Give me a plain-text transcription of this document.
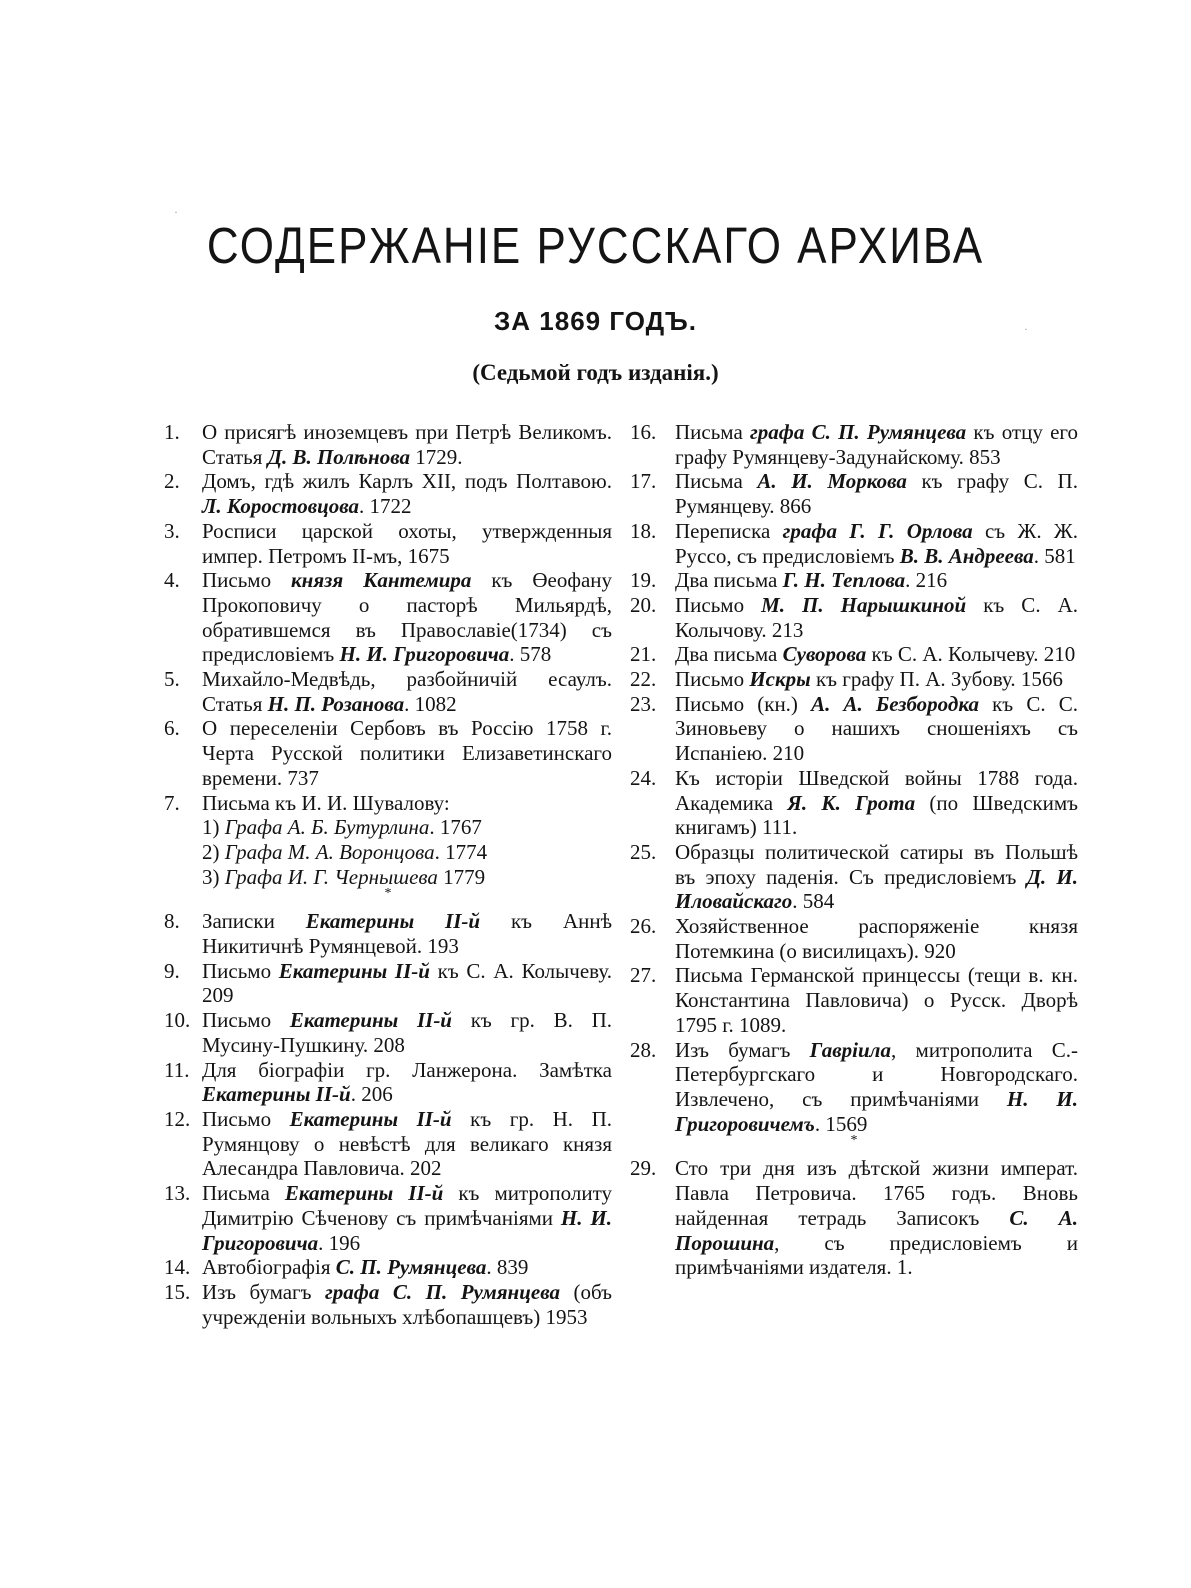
СОДЕРЖАНІЕ РУССКАГО АРХИВА
ЗА 1869 ГОДЪ.
(Седьмой годъ изданія.)
1.	О присягѣ иноземцевъ при Петрѣ Великомъ. Статья Д. В. Полѣнова 1729.
2.	Домъ, гдѣ жилъ Карлъ XII, подъ Полтавою. Л. Коростовцова. 1722
3.	Росписи царской охоты, утвержденныя импер. Петромъ II-мъ, 1675
4.	Письмо князя Кантемира къ Өеофану Прокоповичу о пасторѣ Мильярдѣ, обратившемся въ Православіе(1734) съ предисловіемъ Н. И. Григоровича. 578
5.	Михайло-Медвѣдь, разбойничій есаулъ. Статья Н. П. Розанова. 1082
6.	О переселеніи Сербовъ въ Россію 1758 г. Черта Русской политики Елизаветинскаго времени. 737
7.	Письма къ И. И. Шувалову:
1) Графа А. Б. Бутурлина. 1767
2) Графа М. А. Воронцова. 1774
3) Графа И. Г. Чернышева 1779
*
8.	Записки Екатерины II-й къ Аннѣ Никитичнѣ Румянцевой. 193
9.	Письмо Екатерины II-й къ С. А. Колычеву. 209
10. Письмо Екатерины II-й къ гр. В. П. Мусину-Пушкину. 208
11. Для біографіи гр. Ланжерона. Замѣтка Екатерины II-й. 206
12. Письмо Екатерины II-й къ гр. Н. П. Румянцову о невѣстѣ для великаго князя Алесандра Павловича. 202
13. Письма Екатерины II-й къ митрополиту Димитрію Сѣченову съ примѣчаніями Н. И. Григоровича. 196
14. Автобіографія С. П. Румянцева. 839
15. Изъ бумагъ графа С. П. Румянцева (объ учрежденіи вольныхъ хлѣбопашцевъ) 1953
16. Письма графа С. П. Румянцева къ отцу его графу Румянцеву-Задунайскому. 853
17. Письма А. И. Моркова къ графу С. П. Румянцеву. 866
18. Переписка графа Г. Г. Орлова съ Ж. Ж. Руссо, съ предисловіемъ В. В. Андреева. 581
19. Два письма Г. Н. Теплова. 216
20. Письмо М. П. Нарышкиной къ С. А. Колычову. 213
21. Два письма Суворова къ С. А. Колычеву. 210
22. Письмо Искры къ графу П. А. Зубову. 1566
23. Письмо (кн.) А. А. Безбородка къ С. С. Зиновьеву о нашихъ сношеніяхъ съ Испаніею. 210
24. Къ исторіи Шведской войны 1788 года. Академика Я. К. Грота (по Шведскимъ книгамъ) 111.
25. Образцы политической сатиры въ Польшѣ въ эпоху паденія. Съ предисловіемъ Д. И. Иловайскаго. 584
26. Хозяйственное распоряженіе князя Потемкина (о висилицахъ). 920
27. Письма Германской принцессы (тещи в. кн. Константина Павловича) о Русск. Дворѣ 1795 г. 1089.
28. Изъ бумагъ Гавріила, митрополита С.-Петербургскаго и Новгородскаго. Извлечено, съ примѣчаніями Н. И. Григоровичемъ. 1569
*
29. Сто три дня изъ дѣтской жизни императ. Павла Петровича. 1765 годъ. Вновь найденная тетрадь Записокъ С. А. Порошина, съ предисловіемъ и примѣчаніями издателя. 1.
·
·
